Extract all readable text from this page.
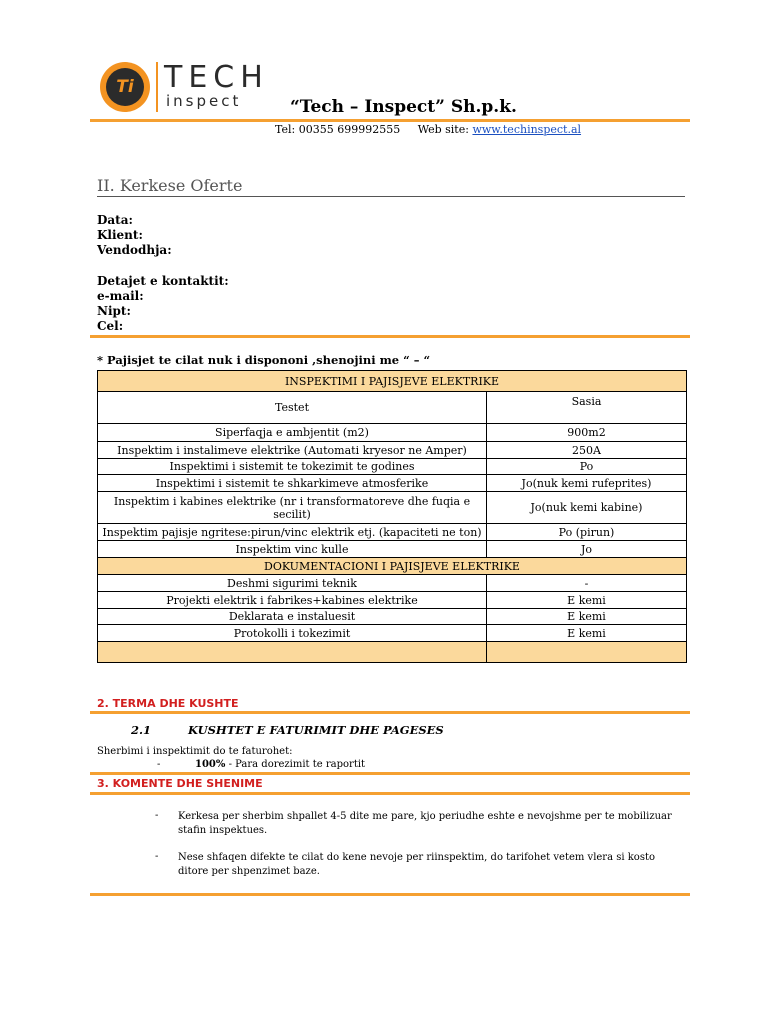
Ti	TECH
inspect	“Tech – Inspect” Sh.p.k.
Tel: 00355 699992555 Web site: www.techinspect.al
II. Kerkese Oferte
Data:
Klient:
Vendodhja:
Detajet e kontaktit:
e-mail:
Nipt:
Cel:
* Pajisjet te cilat nuk i dispononi ,shenojini me “ – “
INSPEKTIMI I PAJISJEVE ELEKTRIKE	
Testet	Sasia
Siperfaqja e ambjentit (m2)	900m2
Inspektim i instalimeve elektrike (Automati kryesor ne Amper)	250A
Inspektimi i sistemit te tokezimit te godines	Po
Inspektimi i sistemit te shkarkimeve atmosferike	Jo(nuk kemi rufeprites)
Inspektim i kabines elektrike (nr i transformatoreve dhe fuqia e secilit)	Jo(nuk kemi kabine)
Inspektim pajisje ngritese:pirun/vinc elektrik etj. (kapaciteti ne ton)	Po (pirun)
Inspektim vinc kulle	Jo
DOKUMENTACIONI I PAJISJEVE ELEKTRIKE	
Deshmi sigurimi teknik	-
Projekti elektrik i fabrikes+kabines elektrike	E kemi
Deklarata e instaluesit	E kemi
Protokolli i tokezimit	E kemi

2. TERMA DHE KUSHTE
2.1	KUSHTET E FATURIMIT DHE PAGESES
Sherbimi i inspektimit do te faturohet:
-	100% - Para dorezimit te raportit
3. KOMENTE DHE SHENIME
- Kerkesa per sherbim shpallet 4-5 dite me pare, kjo periudhe eshte e nevojshme per te mobilizuar stafin inspektues.
- Nese shfaqen difekte te cilat do kene nevoje per riinspektim, do tarifohet vetem vlera si kosto ditore per shpenzimet baze.
